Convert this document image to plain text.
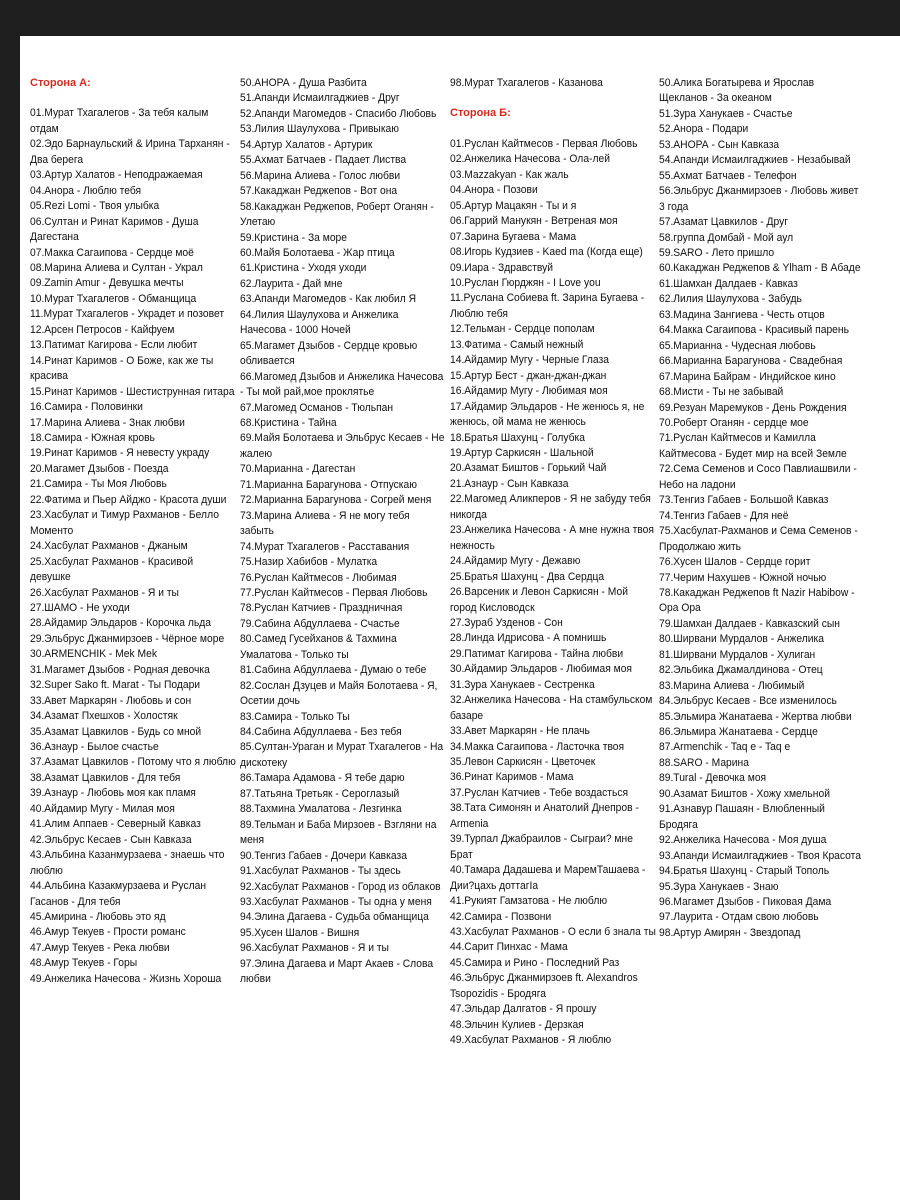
Сторона А:

01.Мурат Тхагалегов - За тебя калым отдам

02.Эдо Барнаульский & Ирина Тарханян - Два берега

03.Артур Халатов - Неподражаемая

04.Анора - Люблю тебя

05.Rezi Lomi - Твоя улыбка

06.Султан и Ринат Каримов - Душа Дагестана

07.Макка Сагаипова - Сердце моё

08.Марина Алиева и Султан - Украл

09.Zamin Amur - Девушка мечты

10.Мурат Тхагалегов - Обманщица

11.Мурат Тхагалегов - Украдет и позовет

12.Арсен Петросов - Кайфуем

13.Патимат Кагирова - Если любит

14.Ринат Каримов - О Боже, как же ты красива

15.Ринат Каримов - Шестиструнная гитара

16.Самира - Половинки

17.Марина Алиева - Знак любви

18.Самира - Южная кровь

19.Ринат Каримов - Я невесту украду

20.Магамет Дзыбов - Поезда

21.Самира - Ты Моя Любовь

22.Фатима и Пьер Айджо - Красота души

23.Хасбулат и Тимур Рахманов - Белло Моменто

24.Хасбулат Рахманов - Джаным

25.Хасбулат Рахманов - Красивой девушке

26.Хасбулат Рахманов - Я и ты

27.ШАМО - Не уходи

28.Айдамир Эльдаров - Корочка льда

29.Эльбрус Джанмирзоев - Чёрное море

30.ARMENCHIK - Mek Mek

31.Магамет Дзыбов - Родная девочка

32.Super Sako ft. Marat - Ты Подари

33.Авет Маркарян - Любовь и сон

34.Азамат Пхешхов - Холостяк

35.Азамат Цавкилов - Будь со мной

36.Азнаур - Былое счастье

37.Азамат Цавкилов - Потому что я люблю

38.Азамат Цавкилов - Для тебя

39.Азнаур - Любовь моя как пламя

40.Айдамир Мугу - Милая моя

41.Алим Аппаев - Северный Кавказ

42.Эльбрус Кесаев - Сын Кавказа

43.Альбина Казанмурзаева - знаешь что люблю

44.Альбина Казакмурзаева и Руслан Гасанов - Для тебя

45.Амирина - Любовь это яд

46.Амур Текуев - Прости романс

47.Амур Текуев - Река любви

48.Амур Текуев - Горы

49.Анжелика Начесова - Жизнь Хороша

50.АНОРА - Душа Разбита

51.Апанди Исмаилгаджиев - Друг

52.Апанди Магомедов - Спасибо Любовь

53.Лилия Шаулухова - Привыкаю

54.Артур Халатов - Артурик

55.Ахмат Батчаев - Падает Листва

56.Марина Алиева - Голос любви

57.Какаджан Реджепов - Вот она

58.Какаджан Реджепов, Роберт Оганян - Улетаю

59.Кристина - За море

60.Майя Болотаева - Жар птица

61.Кристина - Уходя уходи

62.Лаурита - Дай мне

63.Апанди Магомедов - Как любил Я

64.Лилия Шаулухова и Анжелика Начесова - 1000 Ночей

65.Магамет Дзыбов - Сердце кровью обливается

66.Магомед Дзыбов и Анжелика Начесова - Ты мой рай,мое проклятье

67.Магомед Османов - Тюльпан

68.Кристина - Тайна

69.Майя Болотаева и Эльбрус Кесаев - Не жалею

70.Марианна - Дагестан

71.Марианна Барагунова - Отпускаю

72.Марианна Барагунова - Согрей меня

73.Марина Алиева - Я не могу тебя забыть

74.Мурат Тхагалегов - Расставания

75.Назир Хабибов - Мулатка

76.Руслан Кайтмесов - Любимая

77.Руслан Кайтмесов - Первая Любовь

78.Руслан Катчиев - Праздничная

79.Сабина Абдуллаева - Счастье

80.Самед Гусейханов & Тахмина Умалатова - Только ты

81.Сабина Абдуллаева - Думаю о тебе

82.Сослан Дзуцев и Майя Болотаева - Я, Осетии дочь

83.Самира - Только Ты

84.Сабина Абдуллаева - Без тебя

85.Султан-Ураган и Мурат Тхагалегов - На дискотеку

86.Тамара Адамова - Я тебе дарю

87.Татьяна Третьяк - Сероглазый

88.Тахмина Умалатова - Лезгинка

89.Тельман и Баба Мирзоев - Взгляни на меня

90.Тенгиз Габаев - Дочери Кавказа

91.Хасбулат Рахманов - Ты здесь

92.Хасбулат Рахманов - Город из облаков

93.Хасбулат Рахманов - Ты одна у меня

94.Элина Дагаева - Судьба обманщица

95.Хусен Шалов - Вишня

96.Хасбулат Рахманов - Я и ты

97.Элина Дагаева и Март Акаев - Слова любви

98.Мурат Тхагалегов - Казанова

Сторона Б:

01.Руслан Кайтмесов - Первая Любовь

02.Анжелика Начесова - Ола-лей

03.Mazzakyan - Как жаль

04.Анора - Позови

05.Артур Мацакян - Ты и я

06.Гаррий Манукян - Ветреная моя

07.Зарина Бугаева - Мама

08.Игорь Кудзиев - Kaed ma (Когда еще)

09.Иара - Здравствуй

10.Руслан Гюрджян - I Love you

11.Руслана Собиева ft. Зарина Бугаева - Люблю тебя

12.Тельман - Сердце пополам

13.Фатима - Самый нежный

14.Айдамир Мугу - Черные Глаза

15.Артур Бест - джан-джан-джан

16.Айдамир Мугу - Любимая моя

17.Айдамир Эльдаров - Не женюсь я, не женюсь, ой мама не женюсь

18.Братья Шахунц - Голубка

19.Артур Саркисян - Шальной

20.Азамат Биштов - Горький Чай

21.Азнаур - Сын Кавказа

22.Магомед Аликперов - Я не забуду тебя никогда

23.Анжелика Начесова - А мне нужна твоя нежность

24.Айдамир Мугу - Дежавю

25.Братья Шахунц - Два Сердца

26.Варсеник и Левон Саркисян - Мой город Кисловодск

27.Зураб Узденов - Сон

28.Линда Идрисова - А помнишь

29.Патимат Кагирова - Тайна любви

30.Айдамир Эльдаров - Любимая моя

31.Зура Ханукаев - Сестренка

32.Анжелика Начесова - На стамбульском базаре

33.Авет Маркарян - Не плачь

34.Макка Сагаипова - Ласточка твоя

35.Левон Саркисян - Цветочек

36.Ринат Каримов - Мама

37.Руслан Катчиев - Тебе воздасться

38.Тата Симонян и Анатолий Днепров - Armenia

39.Турпал Джабраилов - Сыграи? мне Брат

40.Тамара Дадашева и МаремТашаева - Дии?цахь доттагIа

41.Рукият Гамзатова - Не люблю

42.Самира - Позвони

43.Хасбулат Рахманов - О если б знала ты

44.Сарит Пинхас - Мама

45.Самира и Рино - Последний Раз

46.Эльбрус Джанмирзоев ft. Alexandros Tsopozidis - Бродяга

47.Эльдар Далгатов - Я прошу

48.Эльчин Кулиев - Дерзкая

49.Хасбулат Рахманов - Я люблю

50.Алика Богатырева и Ярослав Щекланов - За океаном

51.Зура Ханукаев - Счастье

52.Анора - Подари

53.АНОРА - Сын Кавказа

54.Апанди Исмаилгаджиев - Незабывай

55.Ахмат Батчаев - Телефон

56.Эльбрус Джанмирзоев - Любовь живет 3 года

57.Азамат Цавкилов - Друг

58.группа Домбай - Мой аул

59.SARO - Лето пришло

60.Какаджан Реджепов & Ylham - В Абаде

61.Шамхан Далдаев - Кавказ

62.Лилия Шаулухова - Забудь

63.Мадина Зангиева - Честь отцов

64.Макка Сагаипова - Красивый парень

65.Марианна - Чудесная любовь

66.Марианна Барагунова - Свадебная

67.Марина Байрам - Индийское кино

68.Мисти - Ты не забывай

69.Резуан Маремуков - День Рождения

70.Роберт Оганян - сердце мое

71.Руслан Кайтмесов и Камилла Кайтмесова - Будет мир на всей Земле

72.Сема Семенов и Сосо Павлиашвили - Небо на ладони

73.Тенгиз Габаев - Большой Кавказ

74.Тенгиз Габаев - Для неё

75.Хасбулат-Рахманов и Сема Семенов - Продолжаю жить

76.Хусен Шалов - Сердце горит

77.Черим Нахушев - Южной ночью

78.Какаджан Реджепов ft Nazir Habibow - Opa Opa

79.Шамхан Далдаев - Кавказский сын

80.Ширвани Мурдалов - Анжелика

81.Ширвани Мурдалов - Хулиган

82.Эльбика Джамалдинова - Отец

83.Марина Алиева - Любимый

84.Эльбрус Кесаев - Все изменилось

85.Эльмира Жанатаева - Жертва любви

86.Эльмира Жанатаева - Сердце

87.Armenchik - Taq e - Taq e

88.SARO - Марина

89.Tural - Девочка моя

90.Азамат Биштов - Хожу хмельной

91.Азнавур Пашаян - Влюбленный Бродяга

92.Анжелика Начесова - Моя душа

93.Апанди Исмаилгаджиев - Твоя Красота

94.Братья Шахунц - Старый Тополь

95.Зура Ханукаев - Знаю

96.Магамет Дзыбов - Пиковая Дама

97.Лаурита - Отдам свою любовь

98.Артур Амирян - Звездопад
